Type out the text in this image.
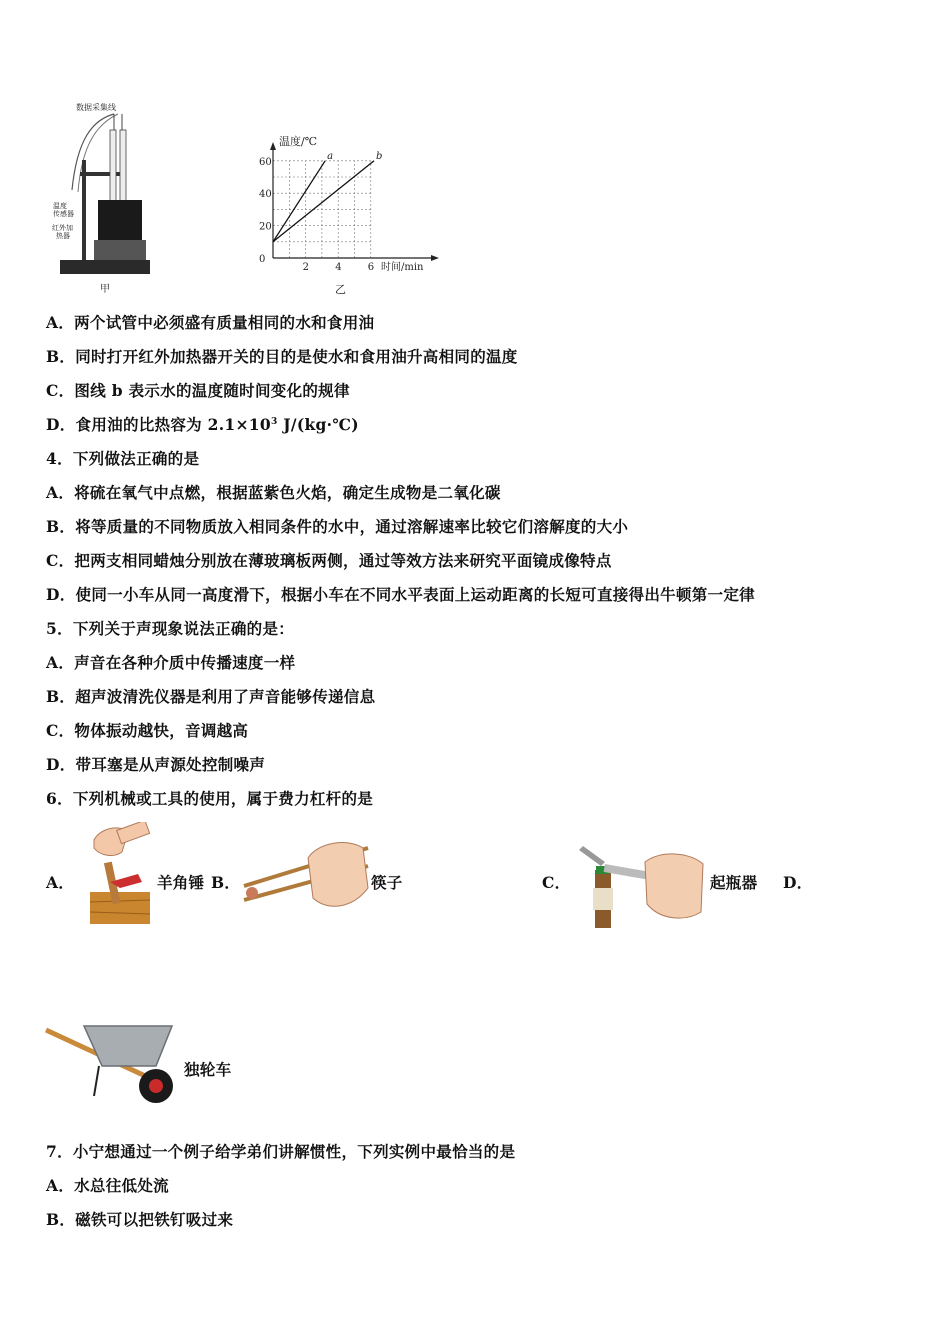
数据采集线
温度
传感器
红外加
热器
甲
温度/℃
时间/min
乙
60
40
20
0
2	4	6
a	b
A．两个试管中必须盛有质量相同的水和食用油
B．同时打开红外加热器开关的目的是使水和食用油升高相同的温度
C．图线 b 表示水的温度随时间变化的规律
D．食用油的比热容为 $2.1\times 10^3$ J/(kg·℃)
4．下列做法正确的是
A．将硫在氧气中点燃，根据蓝紫色火焰，确定生成物是二氧化碳
B．将等质量的不同物质放入相同条件的水中，通过溶解速率比较它们溶解度的大小
C．把两支相同蜡烛分别放在薄玻璃板两侧，通过等效方法来研究平面镜成像特点
D．使同一小车从同一高度滑下，根据小车在不同水平表面上运动距离的长短可直接得出牛顿第一定律
5．下列关于声现象说法正确的是：
A．声音在各种介质中传播速度一样
B．超声波清洗仪器是利用了声音能够传递信息
C．物体振动越快，音调越高
D．带耳塞是从声源处控制噪声
6．下列机械或工具的使用，属于费力杠杆的是
A．	羊角锤 B．	筷子	C．	起瓶器 D．
独轮车
7．小宁想通过一个例子给学弟们讲解惯性，下列实例中最恰当的是
A．水总往低处流
B．磁铁可以把铁钉吸过来
